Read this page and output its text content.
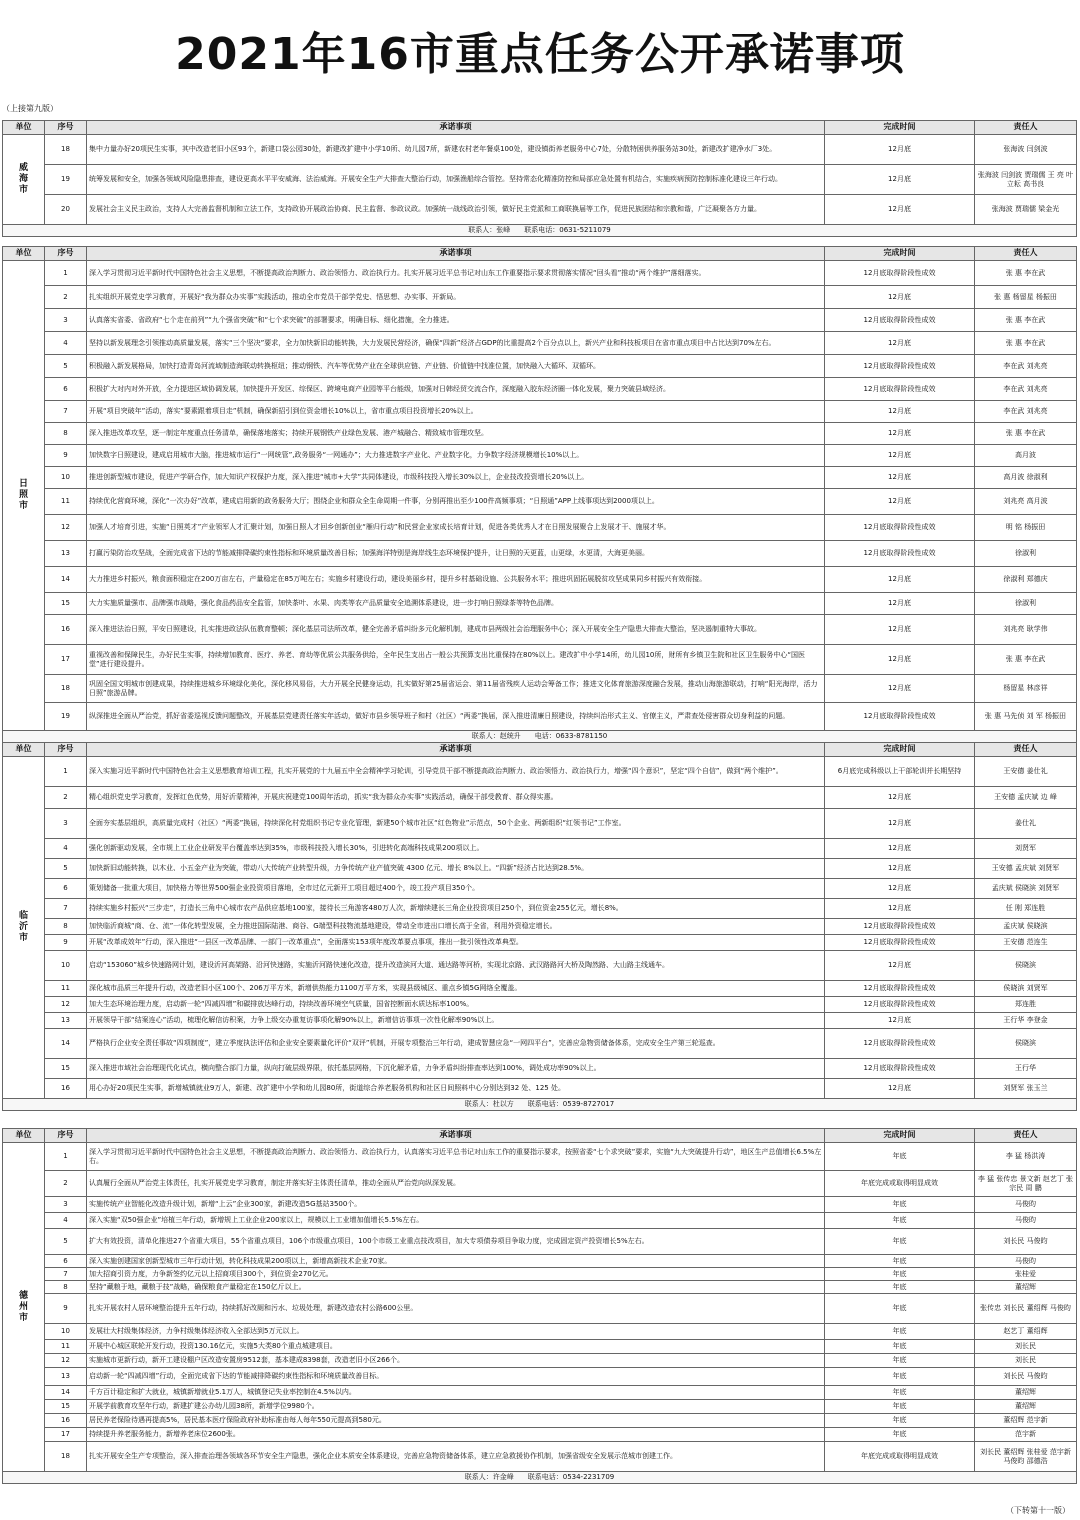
2021年16市重点任务公开承诺事项
（上接第九版）
（下转第十一版）
单位	序号	承诺事项	完成时间	责任人
威海市	18	集中力量办好20项民生实事，其中改造老旧小区93个，新建口袋公园30处，新建改扩建中小学10所、幼儿园7所，新建农村老年餐桌100处，建设镇街养老服务中心7处，分散特困供养服务站30处，新建改扩建净水厂3处。	12月底	张海波 闫剑波
	19	统筹发展和安全，加强各领域风险隐患排查，建设更高水平平安威海、法治威海。开展安全生产大排查大整治行动，加强渔船综合管控。坚持常态化精准防控和局部应急处置有机结合，实施疾病预防控制标准化建设三年行动。	12月底	张海波 闫剑波 贾瑞儒 王 亮 叶立耘 高书良
	20	发展社会主义民主政治，支持人大完善监督机制和立法工作，支持政协开展政治协商、民主监督、参政议政。加强统一战线政治引领，做好民主党派和工商联换届等工作，促进民族团结和宗教和谐，广泛凝聚各方力量。	12月底	张海波 贾瑞儒 梁金光
联系人：张峰　　联系电话：0631-5211079				
单位	序号	承诺事项	完成时间	责任人
日照市	1	深入学习贯彻习近平新时代中国特色社会主义思想，不断提高政治判断力、政治领悟力、政治执行力。扎实开展习近平总书记对山东工作重要指示要求贯彻落实情况“回头看”推动“两个维护”落细落实。	12月底取得阶段性成效	张 惠 李在武
	2	扎实组织开展党史学习教育，开展好“我为群众办实事”实践活动，推动全市党员干部学党史、悟思想、办实事、开新局。	12月底	张 惠 杨留星 杨振田
	3	认真落实省委、省政府“七个走在前列”“九个强省突破”和“七个求突破”的部署要求，明确目标、细化措施，全力推进。	12月底取得阶段性成效	张 惠 李在武
	4	坚持以新发展理念引领推动高质量发展，落实“三个坚决”要求，全力加快新旧动能转换，大力发展民营经济，确保“四新”经济占GDP的比重提高2个百分点以上，新兴产业和科技板项目在省市重点项目中占比达到70%左右。	12月底	张 惠 李在武
	5	积极融入新发展格局，加快打造青岛河流域制造海联动转换枢纽；推动钢铁、汽车等优势产业在全球供应链、产业链、价值链中找准位置，加快融入大循环、双循环。	12月底取得阶段性成效	李在武 刘兆亮
	6	积极扩大对内对外开放，全力提进区域协调发展，加快提升开发区、综保区、跨境电商产业园等平台能级，加强对日韩经贸交流合作，深度融入胶东经济圈一体化发展，聚力突破县域经济。	12月底取得阶段性成效	李在武 刘兆亮
	7	开展“项目突破年”活动，落实“要素跟着项目走”机制，确保新招引到位资金增长10%以上，省市重点项目投资增长20%以上。	12月底	李在武 刘兆亮
	8	深入推进改革攻坚，逐一制定年度重点任务清单，确保落地落实；持续开展钢铁产业绿色发展、港产城融合、精致城市管理攻坚。	12月底	张 惠 李在武
	9	加快数字日照建设，建成启用城市大脑，推进城市运行“一网统管”,政务服务“一网通办”；大力推进数字产业化、产业数字化，力争数字经济规模增长10%以上。	12月底	高月波
	10	推进创新型城市建设，促进产学研合作，加大知识产权保护力度，深入推进“城市+大学”共同体建设，市级科技投入增长30%以上，企业技改投资增长20%以上。	12月底	高月波 徐淑利
	11	持续优化营商环境，深化“一次办好”改革，建成启用新的政务服务大厅；围绕企业和群众全生命周期一件事，分别再推出至少100件高频事项；“日照通”APP上线事项达到2000项以上。	12月底	刘兆亮 高月波
	12	加强人才培育引进，实施“日照英才”产业领军人才汇聚计划，加强日照人才回乡创新创业“雁归行动”和民营企业家成长培育计划，促进各类优秀人才在日照发展聚合上发展才干、施展才华。	12月底取得阶段性成效	明 铭 杨振田
	13	打赢污染防治攻坚战，全面完成省下达的节能减排降碳约束性指标和环境质量改善目标；加强海洋特别是海岸线生态环境保护提升，让日照的天更蓝，山更绿，水更清，大海更美丽。	12月底取得阶段性成效	徐淑利
	14	大力推进乡村振兴，粮食面积稳定在200万亩左右，产量稳定在85万吨左右；实施乡村建设行动，建设美丽乡村，提升乡村基础设施、公共服务水平；推进巩固拓展脱贫攻坚成果同乡村振兴有效衔接。	12月底	徐淑利 郑德庆
	15	大力实施质量强市、品牌强市战略，强化食品药品安全监管，加快茶叶、水果、肉类等农产品质量安全追溯体系建设，进一步打响日照绿茶等特色品牌。	12月底	徐淑利
	16	深入推进法治日照，平安日照建设，扎实推进政法队伍教育整顿；深化基层司法所改革，健全完善矛盾纠纷多元化解机制，建成市县两级社会治理服务中心；深入开展安全生产隐患大排查大整治，坚决遏制重特大事故。	12月底	刘兆亮 耿学伟
	17	重视改善和保障民生，办好民生实事，持续增加教育、医疗、养老、育幼等优质公共服务供给，全年民生支出占一般公共预算支出比重保持在80%以上。建改扩中小学14所，幼儿园10所，财所有乡镇卫生院和社区卫生服务中心“国医堂”进行建设提升。	12月底	张 惠 李在武
	18	巩固全国文明城市创建成果，持续推进城乡环境绿化美化，深化移风易俗，大力开展全民健身运动，扎实做好第25届省运会、第11届省残疾人运动会筹备工作；推进文化体育旅游深度融合发展，推动山海旅游联动，打响“阳光海岸，活力日照”旅游品牌。	12月底	杨留星 林彦祥
	19	纵深推进全面从严治党，抓好省委巡视反馈问题整改，开展基层党建责任落实年活动，做好市县乡领导班子和村（社区）“两委”换届，深入推进清廉日照建设，持续纠治形式主义、官僚主义，严肃查处侵害群众切身利益的问题。	12月底取得阶段性成效	张 惠 马先侦 刘 军 杨振田
联系人：赵统升　　电话：0633-8781150				
单位	序号	承诺事项	完成时间	责任人
临沂市	1	深入实施习近平新时代中国特色社会主义思想教育培训工程，扎实开展党的十九届五中全会精神学习轮训，引导党员干部不断提高政治判断力、政治领悟力、政治执行力，增强“四个意识”，坚定“四个自信”，做到“两个维护”。	6月底完成科级以上干部轮训并长期坚持	王安德 姜仕礼
	2	精心组织党史学习教育，发挥红色优势，用好沂蒙精神，开展庆祝建党100周年活动，抓实“我为群众办实事”实践活动，确保干部受教育、群众得实惠。	12月底	王安德 孟庆斌 边 峰
	3	全面夯实基层组织，高质量完成村（社区）“两委”换届，持续深化村党组织书记专业化管理，新建50个城市社区“红色物业”示范点，50个企业、两新组织“红领书记”工作室。	12月底	姜仕礼
	4	强化创新驱动发展，全市规上工业企业研发平台覆盖率达到35%，市级科技投入增长30%，引进转化高端科技成果200项以上。	12月底	刘贤军
	5	加快新旧动能转换，以木业、小五金产业为突破，带动八大传统产业转型升级，力争传统产业产值突破 4300 亿元、增长 8%以上。“四新”经济占比达到28.5%。	12月底	王安德 孟庆斌 刘贤军
	6	策划储备一批重大项目，加快格力等世界500强企业投资项目落地，全市过亿元新开工项目超过400个，竣工投产项目350个。	12月底	孟庆斌 侯晓滨 刘贤军
	7	持续实施乡村振兴“三步走”，打造长三角中心城市农产品供应基地100家，接待长三角游客480万人次，新增续建长三角企业投资项目250个，到位资金255亿元，增长8%。	12月底	任 刚 郑连胜
	8	加快临沂商城“商、仓、流”一体化转型发展，全力推进国际陆港、商谷、G端型科技物流基地建设，带动全市进出口增长高于全省，利用外资稳定增长。	12月底取得阶段性成效	孟庆斌 侯晓滨
	9	开展“改革成效年”行动，深入推进“一县区一改革品牌、一部门一改革重点”，全面落实153项年度改革要点事项，推出一批引领性改革典型。	12月底取得阶段性成效	王安德 范连生
	10	启动“153060”城乡快速路网计划，建设沂河高架路、沿河快速路，实施沂河路快速化改造，提升改造滨河大道、通达路等河桥，实现北京路、武汉路路河大桥及陶然路、大山路主线通车。	12月底	侯晓滨
	11	深化城市品质三年提升行动，改造老旧小区100个、206万平方米，新增供热能力1100万平方米，实现县级城区、重点乡镇5G网络全覆盖。	12月底取得阶段性成效	侯晓滨 刘贤军
	12	加大生态环境治理力度，启动新一轮“四减四增”和碳排放达峰行动，持续改善环境空气质量，国省控断面水质达标率100%。	12月底取得阶段性成效	郑连胜
	13	开展领导干部“结案连心”活动，梳理化解信访积案，力争上级交办重复访事项化解90%以上，新增信访事项一次性化解率90%以上。	12月底	王行华 李登金
	14	严格执行企业安全责任事故“四项制度”，建立季度执法评估和企业安全要素量化评价“双评”机制，开展专项整治三年行动，建成智慧应急“一网四平台”，完善应急物资储备体系，完成安全生产第三轮巡查。	12月底取得阶段性成效	侯晓滨
	15	深入推进市域社会治理现代化试点，横向整合部门力量，纵向打破层级界限，依托基层网格，下沉化解矛盾，力争矛盾纠纷排查率达到100%，调处成功率90%以上。	12月底取得阶段性成效	王行华
	16	用心办好20项民生实事，新增城镇就业9万人，新建、改扩建中小学和幼儿园80所，街道综合养老服务机构和社区日间照料中心分别达到32 处、125 处。	12月底	刘贤军 张玉兰
联系人：杜以方　　联系电话：0539-8727017				
单位	序号	承诺事项	完成时间	责任人
德州市	1	深入学习贯彻习近平新时代中国特色社会主义思想，不断提高政治判断力、政治领悟力、政治执行力，认真落实习近平总书记对山东工作的重要指示要求，按照省委“七个求突破”要求，实施“九大突破提升行动”，地区生产总值增长6.5%左右。	年底	李 猛 杨洪涛
	2	认真履行全面从严治党主体责任，扎实开展党史学习教育，制定并落实好主体责任清单，推动全面从严治党向纵深发展。	年底完成或取得明显成效	李 猛 张传忠 景文新 赵艺丁 张宗民 周 鹏
	3	实施传统产业智能化改造升级计划，新增“上云”企业300家，新建改造5G基站3500个。	年底	马俊昀
	4	深入实施“双50强企业”培植三年行动，新增规上工业企业200家以上，规模以上工业增加值增长5.5%左右。	年底	马俊昀
	5	扩大有效投资，清单化推进27个省重大项目，55个省重点项目，106个市级重点项目，100个市级工业重点技改项目，加大专项债券项目争取力度，完成固定资产投资增长5%左右。	年底	刘长民 马俊昀
	6	深入实施创建国家创新型城市三年行动计划，转化科技成果200项以上，新增高新技术企业70家。	年底	马俊昀
	7	加大招商引资力度，力争新签约亿元以上招商项目300个，到位资金270亿元。	年底	张桂爱
	8	坚持“藏粮于地，藏粮于技”战略，确保粮食产量稳定在150亿斤以上。	年底	董绍辉
	9	扎实开展农村人居环境整治提升五年行动，持续抓好改厕和污水、垃圾处理，新建改造农村公路600公里。	年底	张传忠 刘长民 董绍辉 马俊昀
	10	发展壮大村级集体经济，力争村级集体经济收入全部达到5万元以上。	年底	赵艺丁 董绍辉
	11	开展中心城区联轮开发行动，投资130.16亿元，实施5大类80个重点城建项目。	年底	刘长民
	12	实施城市更新行动，新开工建设棚户区改造安置房9512套，基本建成8398套，改造老旧小区266个。	年底	刘长民
	13	启动新一轮“四减四增”行动，全面完成省下达的节能减排降碳约束性指标和环境质量改善目标。	年底	刘长民 马俊昀
	14	千方百计稳定和扩大就业，城镇新增就业5.1万人，城镇登记失业率控制在4.5%以内。	年底	董绍辉
	15	开展学前教育攻坚年行动，新建扩建公办幼儿园38所，新增学位9980个。	年底	董绍辉
	16	居民养老保险待遇再提高5%，居民基本医疗保险政府补助标准由每人每年550元提高到580元。	年底	董绍辉 范宇新
	17	持续提升养老服务能力，新增养老床位2600张。	年底	范宇新
	18	扎实开展安全生产专项整治，深入排查治理各领域各环节安全生产隐患，强化企业本质安全体系建设，完善应急物资储备体系，建立应急救援协作机制，加强省级安全发展示范城市创建工作。	年底完成或取得明显成效	刘长民 董绍辉 张桂爱 范宇新 马俊昀 邵德浩
联系人：许金峰　　联系电话：0534-2231709				
